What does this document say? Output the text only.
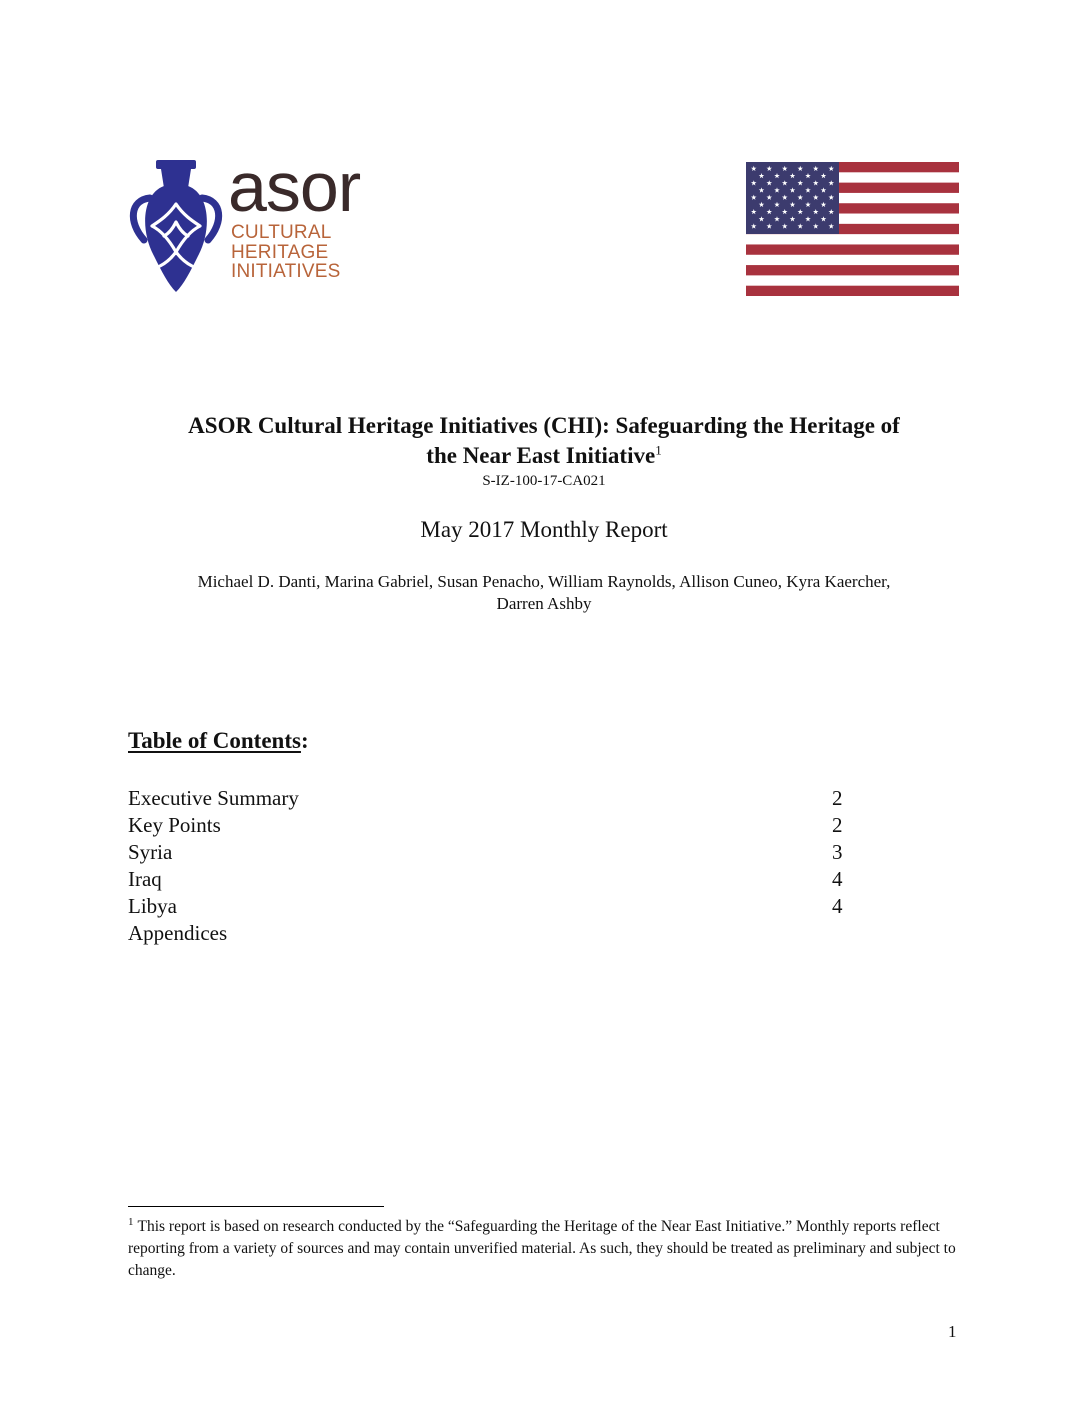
asor
CULTURAL
HERITAGE
INITIATIVES
ASOR Cultural Heritage Initiatives (CHI): Safeguarding the Heritage of
the Near East Initiative$^1$
S-IZ-100-17-CA021
May 2017 Monthly Report
Michael D. Danti, Marina Gabriel, Susan Penacho, William Raynolds, Allison Cuneo, Kyra Kaercher,
Darren Ashby
Table of Contents:
Executive Summary	2
Key Points	2
Syria	3
Iraq	4
Libya	4
Appendices
$^1$ This report is based on research conducted by the “Safeguarding the Heritage of the Near East Initiative.” Monthly reports reflect reporting from a variety of sources and may contain unverified material. As such, they should be treated as preliminary and subject to change.
1
